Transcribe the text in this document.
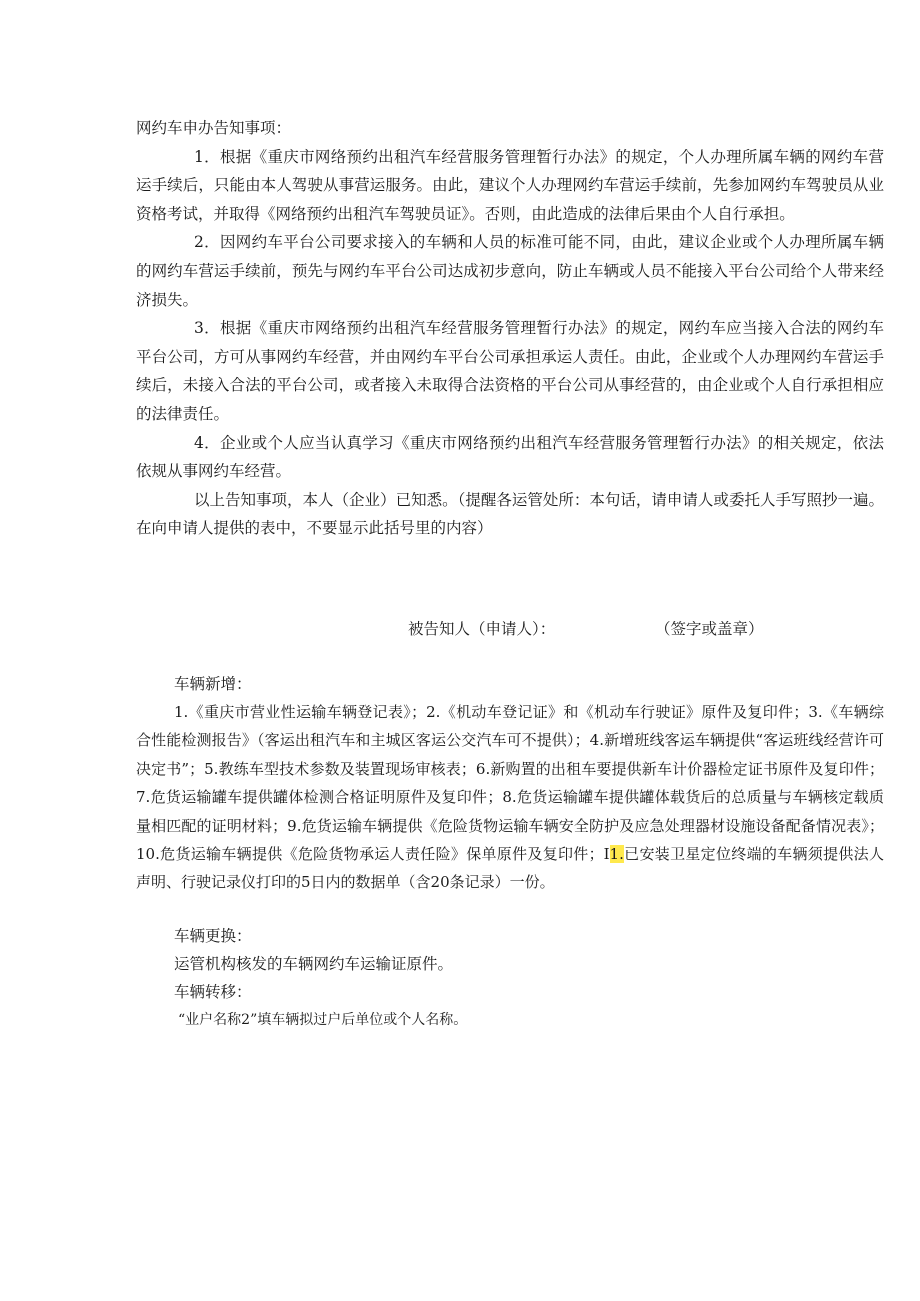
网约车申办告知事项：

1．根据《重庆市网络预约出租汽车经营服务管理暂行办法》的规定，个人办理所属车辆的网约车营运手续后，只能由本人驾驶从事营运服务。由此，建议个人办理网约车营运手续前，先参加网约车驾驶员从业资格考试，并取得《网络预约出租汽车驾驶员证》。否则，由此造成的法律后果由个人自行承担。

2．因网约车平台公司要求接入的车辆和人员的标准可能不同，由此，建议企业或个人办理所属车辆的网约车营运手续前，预先与网约车平台公司达成初步意向，防止车辆或人员不能接入平台公司给个人带来经济损失。

3．根据《重庆市网络预约出租汽车经营服务管理暂行办法》的规定，网约车应当接入合法的网约车平台公司，方可从事网约车经营，并由网约车平台公司承担承运人责任。由此，企业或个人办理网约车营运手续后，未接入合法的平台公司，或者接入未取得合法资格的平台公司从事经营的，由企业或个人自行承担相应的法律责任。

4．企业或个人应当认真学习《重庆市网络预约出租汽车经营服务管理暂行办法》的相关规定，依法依规从事网约车经营。

以上告知事项，本人（企业）已知悉。（提醒各运管处所：本句话，请申请人或委托人手写照抄一遍。在向申请人提供的表中，不要显示此括号里的内容）

被告知人（申请人）：	（签字或盖章）

车辆新增：

1.《重庆市营业性运输车辆登记表》；2.《机动车登记证》和《机动车行驶证》原件及复印件；3.《车辆综合性能检测报告》（客运出租汽车和主城区客运公交汽车可不提供）；4.新增班线客运车辆提供“客运班线经营许可决定书”；5.教练车型技术参数及装置现场审核表；6.新购置的出租车要提供新车计价器检定证书原件及复印件；7.危货运输罐车提供罐体检测合格证明原件及复印件；8.危货运输罐车提供罐体载货后的总质量与车辆核定载质量相匹配的证明材料；9.危货运输车辆提供《危险货物运输车辆安全防护及应急处理器材设施设备配备情况表》；10.危货运输车辆提供《危险货物承运人责任险》保单原件及复印件；I1.已安装卫星定位终端的车辆须提供法人声明、行驶记录仪打印的5日内的数据单（含20条记录）一份。

车辆更换：

运管机构核发的车辆网约车运输证原件。

车辆转移：

“业户名称2”填车辆拟过户后单位或个人名称。
